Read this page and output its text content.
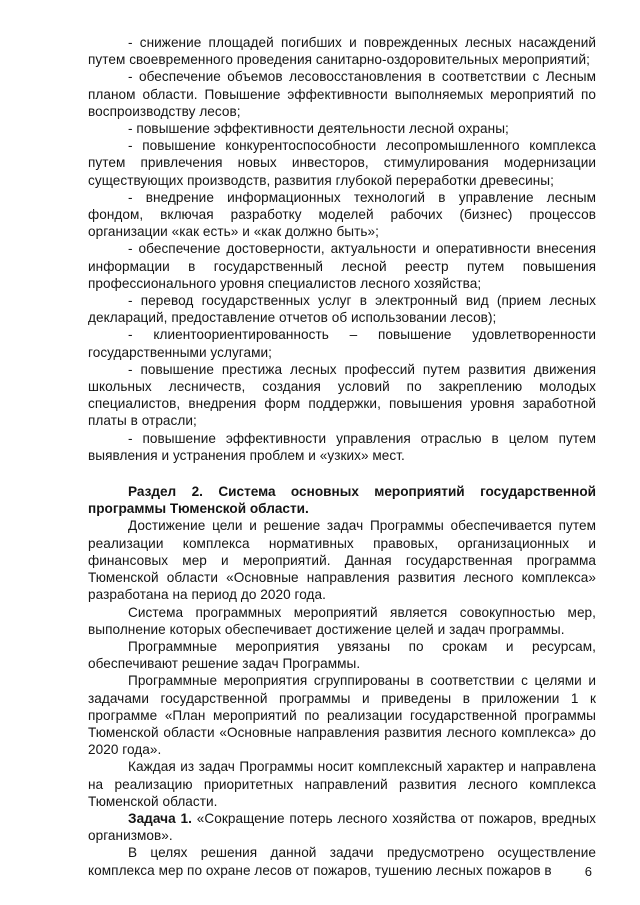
- снижение площадей погибших и поврежденных лесных насаждений путем своевременного проведения санитарно-оздоровительных мероприятий;

- обеспечение объемов лесовосстановления в соответствии с Лесным планом области. Повышение эффективности выполняемых мероприятий по воспроизводству лесов;

- повышение эффективности деятельности лесной охраны;

- повышение конкурентоспособности лесопромышленного комплекса путем привлечения новых инвесторов, стимулирования модернизации существующих производств, развития глубокой переработки древесины;

- внедрение информационных технологий в управление лесным фондом, включая разработку моделей рабочих (бизнес) процессов организации «как есть» и «как должно быть»;

- обеспечение достоверности, актуальности и оперативности внесения информации в государственный лесной реестр путем повышения профессионального уровня специалистов лесного хозяйства;

- перевод государственных услуг в электронный вид (прием лесных деклараций, предоставление отчетов об использовании лесов);

- клиентоориентированность – повышение удовлетворенности государственными услугами;

- повышение престижа лесных профессий путем развития движения школьных лесничеств, создания условий по закреплению молодых специалистов, внедрения форм поддержки, повышения уровня заработной платы в отрасли;

- повышение эффективности управления отраслью в целом путем выявления и устранения проблем и «узких» мест.

Раздел 2. Система основных мероприятий государственной программы Тюменской области.

Достижение цели и решение задач Программы обеспечивается путем реализации комплекса нормативных правовых, организационных и финансовых мер и мероприятий. Данная государственная программа Тюменской области «Основные направления развития лесного комплекса» разработана на период до 2020 года.

Система программных мероприятий является совокупностью мер, выполнение которых обеспечивает достижение целей и задач программы.

Программные мероприятия увязаны по срокам и ресурсам, обеспечивают решение задач Программы.

Программные мероприятия сгруппированы в соответствии с целями и задачами государственной программы и приведены в приложении 1 к программе «План мероприятий по реализации государственной программы Тюменской области «Основные направления развития лесного комплекса» до 2020 года».

Каждая из задач Программы носит комплексный характер и направлена на реализацию приоритетных направлений развития лесного комплекса Тюменской области.

Задача 1. «Сокращение потерь лесного хозяйства от пожаров, вредных организмов».

В целях решения данной задачи предусмотрено осуществление комплекса мер по охране лесов от пожаров, тушению лесных пожаров в	6
